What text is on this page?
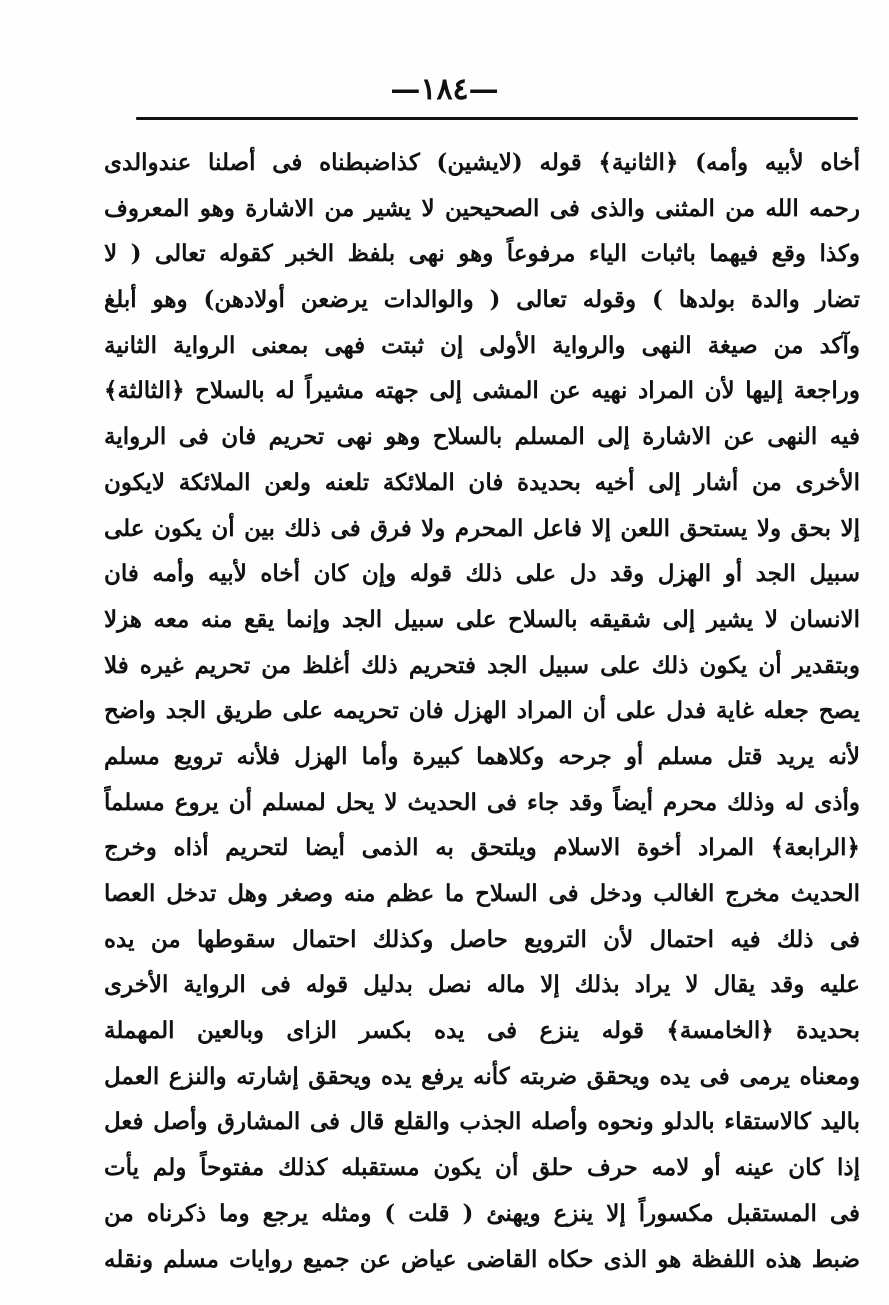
—١٨٤—
أخاه لأبيه وأمه) ﴿الثانية﴾ قوله (لايشين) كذاضبطناه فى أصلنا عندوالدى
رحمه الله من المثنى والذى فى الصحيحين لا يشير من الاشارة وهو المعروف
وكذا وقع فيهما باثبات الياء مرفوعاً وهو نهى بلفظ الخبر كقوله تعالى ( لا
تضار والدة بولدها ) وقوله تعالى ( والوالدات يرضعن أولادهن) وهو أبلغ
وآكد من صيغة النهى والرواية الأولى إن ثبتت فهى بمعنى الرواية الثانية
وراجعة إليها لأن المراد نهيه عن المشى إلى جهته مشيراً له بالسلاح ﴿الثالثة﴾
فيه النهى عن الاشارة إلى المسلم بالسلاح وهو نهى تحريم فان فى الرواية
الأخرى من أشار إلى أخيه بحديدة فان الملائكة تلعنه ولعن الملائكة لايكون
إلا بحق ولا يستحق اللعن إلا فاعل المحرم ولا فرق فى ذلك بين أن يكون على
سبيل الجد أو الهزل وقد دل على ذلك قوله وإن كان أخاه لأبيه وأمه فان
الانسان لا يشير إلى شقيقه بالسلاح على سبيل الجد وإنما يقع منه معه هزلا
وبتقدير أن يكون ذلك على سبيل الجد فتحريم ذلك أغلظ من تحريم غيره فلا
يصح جعله غاية فدل على أن المراد الهزل فان تحريمه على طريق الجد واضح
لأنه يريد قتل مسلم أو جرحه وكلاهما كبيرة وأما الهزل فلأنه ترويع مسلم
وأذى له وذلك محرم أيضاً وقد جاء فى الحديث لا يحل لمسلم أن يروع مسلماً
﴿الرابعة﴾ المراد أخوة الاسلام ويلتحق به الذمى أيضا لتحريم أذاه وخرج
الحديث مخرج الغالب ودخل فى السلاح ما عظم منه وصغر وهل تدخل العصا
فى ذلك فيه احتمال لأن الترويع حاصل وكذلك احتمال سقوطها من يده
عليه وقد يقال لا يراد بذلك إلا ماله نصل بدليل قوله فى الرواية الأخرى
بحديدة ﴿الخامسة﴾ قوله ينزع فى يده بكسر الزاى وبالعين المهملة
ومعناه يرمى فى يده ويحقق ضربته كأنه يرفع يده ويحقق إشارته والنزع العمل
باليد كالاستقاء بالدلو ونحوه وأصله الجذب والقلع قال فى المشارق وأصل فعل
إذا كان عينه أو لامه حرف حلق أن يكون مستقبله كذلك مفتوحاً ولم يأت
فى المستقبل مكسوراً إلا ينزع ويهنئ ( قلت ) ومثله يرجع وما ذكرناه من
ضبط هذه اللفظة هو الذى حكاه القاضى عياض عن جميع روايات مسلم ونقله
